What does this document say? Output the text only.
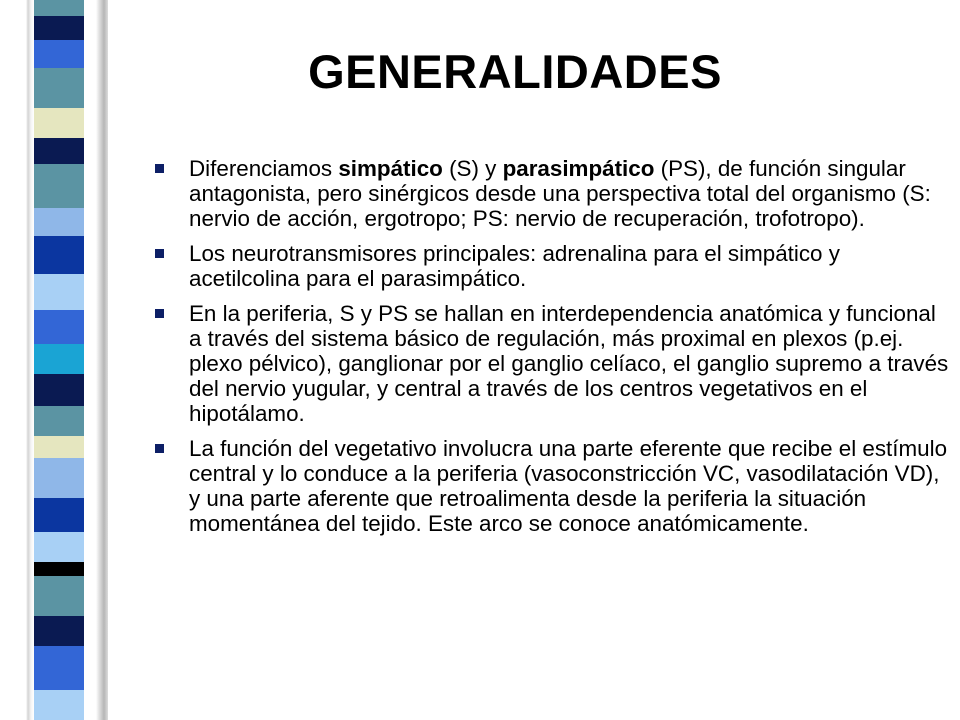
GENERALIDADES
Diferenciamos simpático (S) y parasimpático (PS), de función singular antagonista, pero sinérgicos desde una perspectiva total del organismo (S: nervio de acción, ergotropo; PS: nervio de recuperación, trofotropo).
Los neurotransmisores principales: adrenalina para el simpático y acetilcolina para el parasimpático.
En la periferia, S y PS se hallan en interdependencia anatómica y funcional a través del sistema básico de regulación, más proximal en plexos (p.ej. plexo pélvico), ganglionar por el ganglio celíaco, el ganglio supremo a través del nervio yugular, y central a través de los centros vegetativos en el hipotálamo.
La función del vegetativo involucra una parte eferente que recibe el estímulo central y lo conduce a la periferia (vasoconstricción VC, vasodilatación VD), y una parte aferente que retroalimenta desde la periferia la situación momentánea del tejido. Este arco se conoce anatómicamente.
